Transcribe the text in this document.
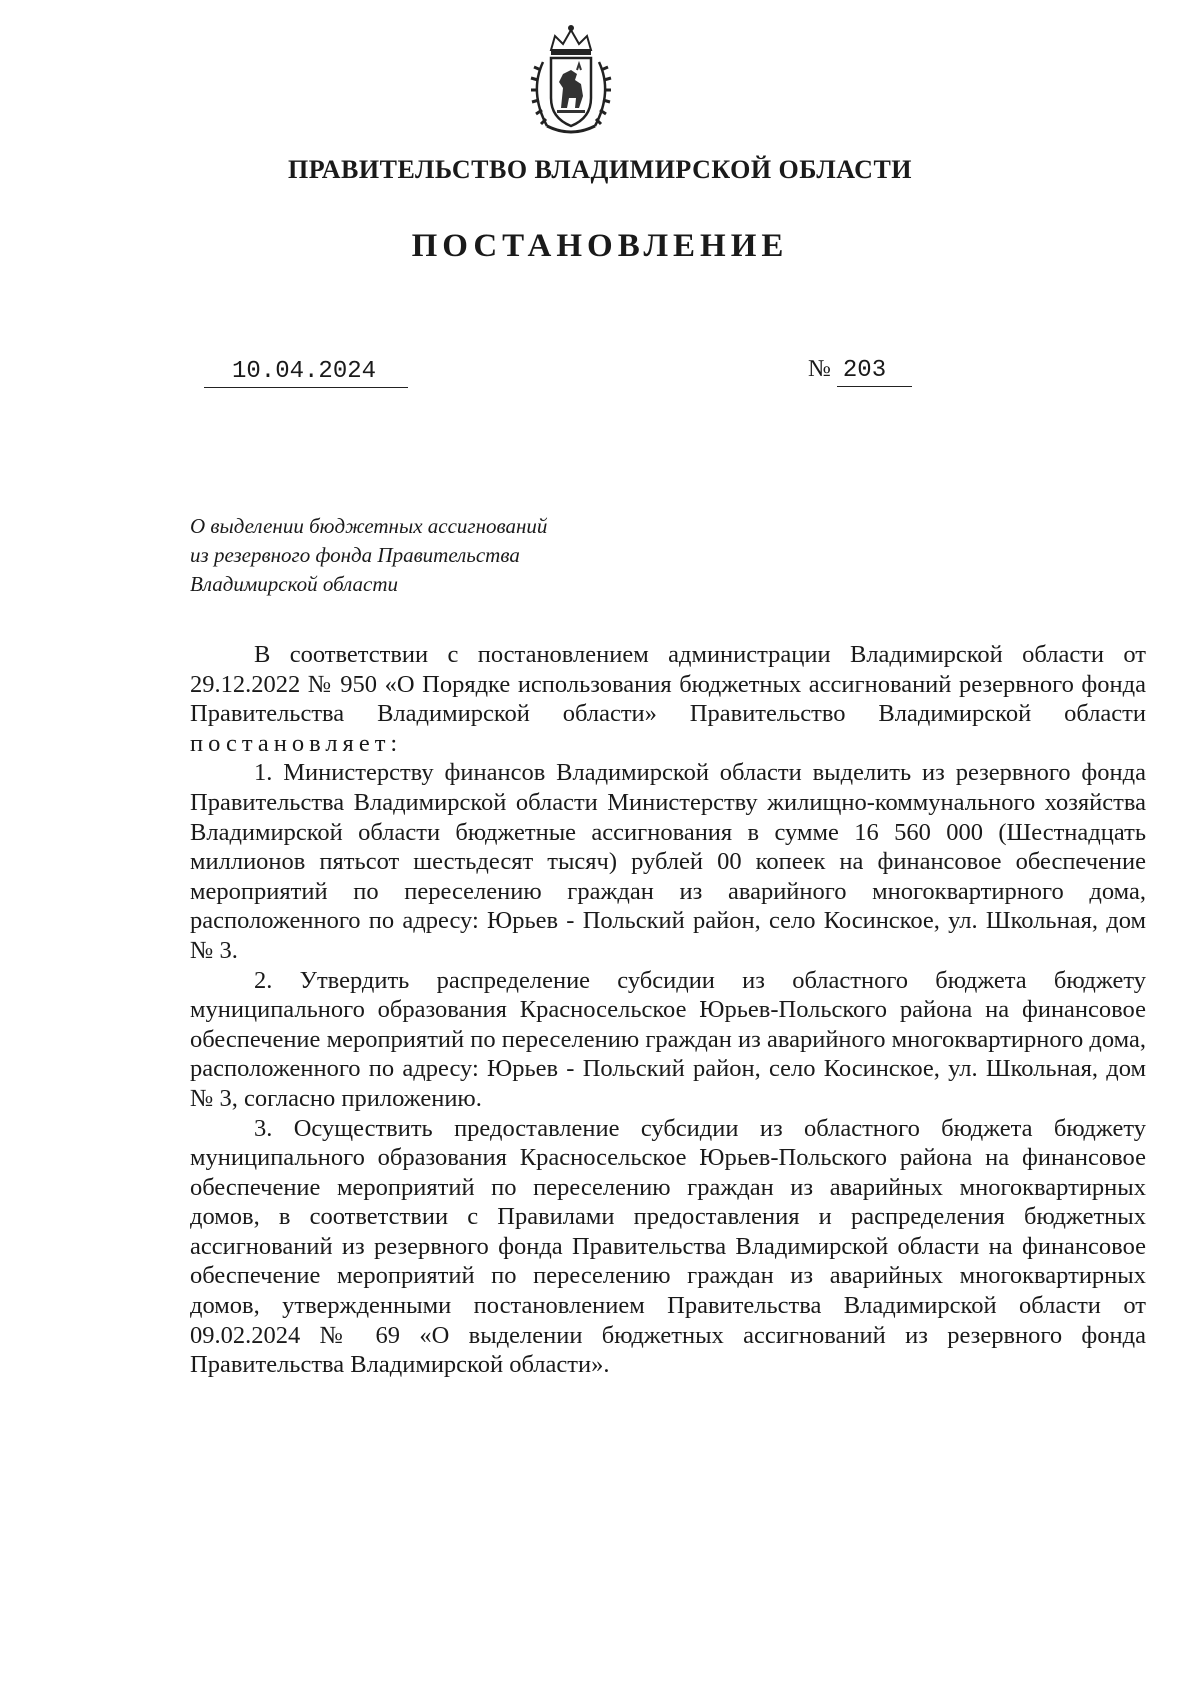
ПРАВИТЕЛЬСТВО ВЛАДИМИРСКОЙ ОБЛАСТИ
ПОСТАНОВЛЕНИЕ
10.04.2024	№ 203
О выделении бюджетных ассигнований
из резервного фонда Правительства
Владимирской области

В соответствии с постановлением администрации Владимирской области от 29.12.2022 № 950 «О Порядке использования бюджетных ассигнований резервного фонда Правительства Владимирской области» Правительство Владимирской области постановляет:

1. Министерству финансов Владимирской области выделить из резервного фонда Правительства Владимирской области Министерству жилищно-коммунального хозяйства Владимирской области бюджетные ассигнования в сумме 16 560 000 (Шестнадцать миллионов пятьсот шестьдесят тысяч) рублей 00 копеек на финансовое обеспечение мероприятий по переселению граждан из аварийного многоквартирного дома, расположенного по адресу: Юрьев - Польский район, село Косинское, ул. Школьная, дом № 3.

2. Утвердить распределение субсидии из областного бюджета бюджету муниципального образования Красносельское Юрьев-Польского района на финансовое обеспечение мероприятий по переселению граждан из аварийного многоквартирного дома, расположенного по адресу: Юрьев - Польский район, село Косинское, ул. Школьная, дом № 3, согласно приложению.

3. Осуществить предоставление субсидии из областного бюджета бюджету муниципального образования Красносельское Юрьев-Польского района на финансовое обеспечение мероприятий по переселению граждан из аварийных многоквартирных домов, в соответствии с Правилами предоставления и распределения бюджетных ассигнований из резервного фонда Правительства Владимирской области на финансовое обеспечение мероприятий по переселению граждан из аварийных многоквартирных домов, утвержденными постановлением Правительства Владимирской области от 09.02.2024 № 69 «О выделении бюджетных ассигнований из резервного фонда Правительства Владимирской области».
